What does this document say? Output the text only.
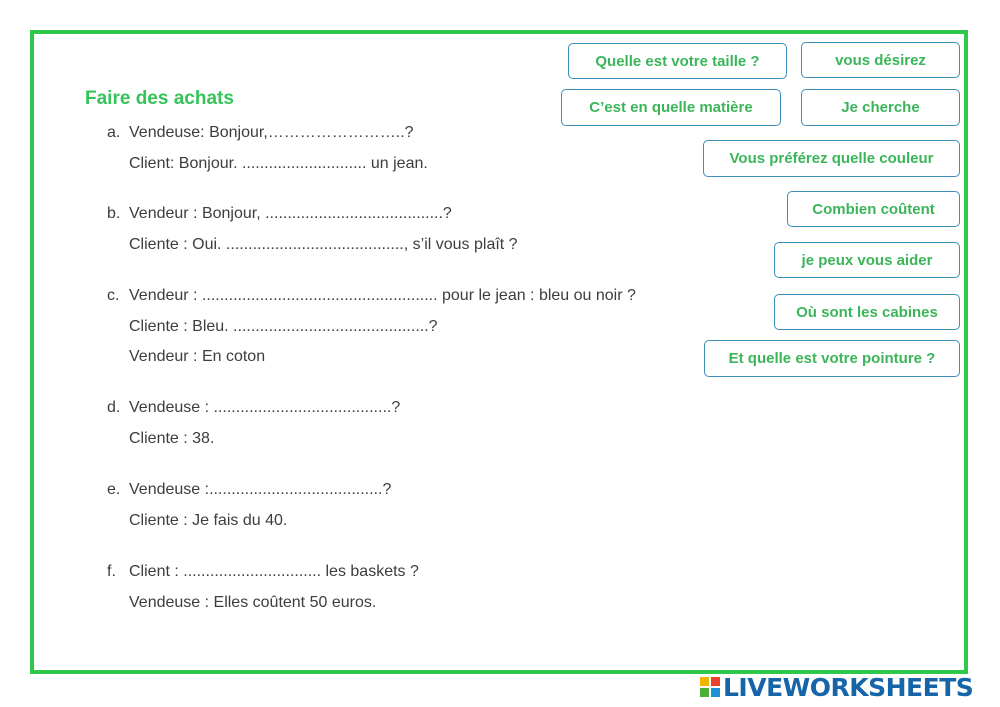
Faire des achats
a. Vendeuse: Bonjour,……………………..?
Client: Bonjour. ............................ un jean.
b. Vendeur : Bonjour, ........................................?
Cliente : Oui. ........................................, s’il vous plaît ?
c. Vendeur : ..................................................... pour le jean : bleu ou noir ?
Cliente : Bleu. ............................................?
Vendeur : En coton
d. Vendeuse : ........................................?
Cliente : 38.
e. Vendeuse :.......................................?
Cliente : Je fais du 40.
f. Client : ............................... les baskets ?
Vendeuse : Elles coûtent 50 euros.
Quelle est votre taille ?	vous désirez
C’est en quelle matière	Je cherche
Vous préférez quelle couleur
Combien coûtent
je peux vous aider
Où sont les cabines
Et quelle est votre pointure ?
LIVEWORKSHEETS
